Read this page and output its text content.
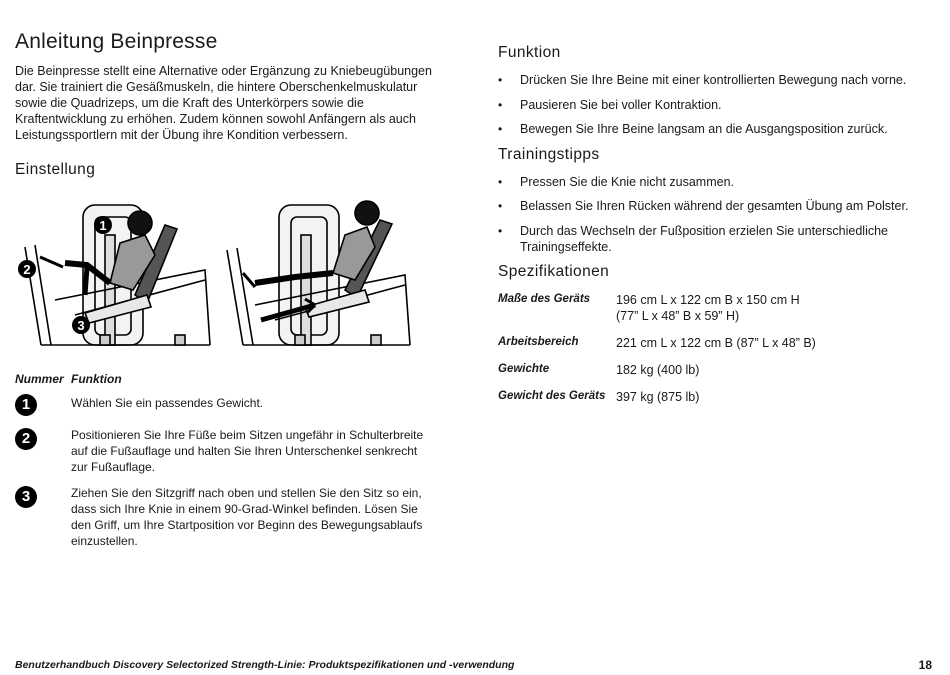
Anleitung Beinpresse

Die Beinpresse stellt eine Alternative oder Ergänzung zu Kniebeugübungen dar. Sie trainiert die Gesäßmuskeln, die hintere Oberschenkelmuskulatur sowie die Quadrizeps, um die Kraft des Unterkörpers sowie die Kraftentwicklung zu erhöhen. Zudem können sowohl Anfängern als auch Leistungssportlern mit der Übung ihre Kondition verbessern.

Einstellung
1
2
3
Nummer Funktion
1	Wählen Sie ein passendes Gewicht.
2	Positionieren Sie Ihre Füße beim Sitzen ungefähr in Schulterbreite auf die Fußauflage und halten Sie Ihren Unterschenkel senkrecht zur Fußauflage.
3	Ziehen Sie den Sitzgriff nach oben und stellen Sie den Sitz so ein, dass sich Ihre Knie in einem 90-Grad-Winkel befinden. Lösen Sie den Griff, um Ihre Startposition vor Beginn des Bewegungsablaufs einzustellen.
Funktion
• Drücken Sie Ihre Beine mit einer kontrollierten Bewegung nach vorne.
• Pausieren Sie bei voller Kontraktion.
• Bewegen Sie Ihre Beine langsam an die Ausgangsposition zurück.
Trainingstipps
• Pressen Sie die Knie nicht zusammen.
• Belassen Sie Ihren Rücken während der gesamten Übung am Polster.
• Durch das Wechseln der Fußposition erzielen Sie unterschiedliche Trainingseffekte.
Spezifikationen
Maße des Geräts	196 cm L x 122 cm B x 150 cm H
(77” L x 48” B x 59” H)
Arbeitsbereich	221 cm L x 122 cm B (87” L x 48” B)
Gewichte	182 kg (400 lb)
Gewicht des Geräts 397 kg (875 lb)
Benutzerhandbuch Discovery Selectorized Strength-Linie: Produktspezifikationen und -verwendung	18
